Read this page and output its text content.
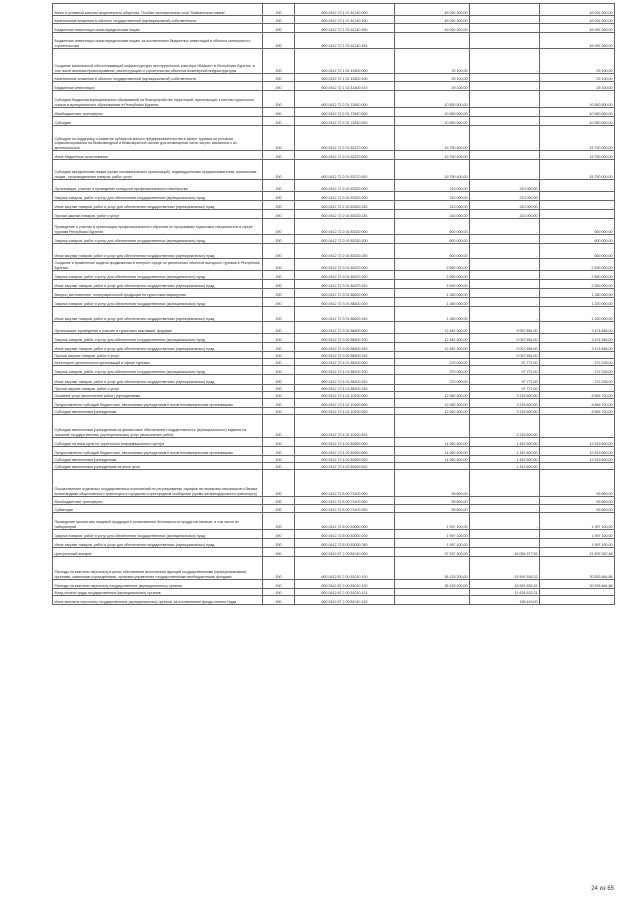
Взнос в уставный капитал акционерного общества "Особая экономическая зона "Байкальская гавань"	200	600 0412 72 1 01 61240 000	49 092 300,00	-	49 092 300,00
Капитальные вложения в объекты государственной (муниципальной) собственности	200	600 0412 72 1 01 61240 400	49 092 300,00	-	49 092 300,00
Бюджетные инвестиции иным юридическим лицам	200	600 0412 72 1 01 61240 450	49 092 300,00	-	49 092 300,00
Бюджетные инвестиции иным юридическим лицам, за исключением бюджетных инвестиций в объекты капитального строительства	200	600 0412 72 1 01 61240 452	-	-	49 092 300,00
Создание комплексной обеспечивающей инфраструктуры автотуристского кластера «Байкал» в Республике Бурятия, в том числе включая проектирование, реконструкцию и строительство объектов инженерной инфраструктуры	200	600 0412 72 1 02 43400 000	29 100,00	-	29 100,00
Капитальные вложения в объекты государственной (муниципальной) собственности	200	600 0412 72 1 02 43400 400	29 100,00	-	29 100,00
Бюджетные инвестиции	200	600 0412 72 1 02 43400 410	29 100,00	-	29 100,00
Субсидия бюджетам муниципальных образований на благоустройство территорий, прилегающих к местам туристского показа в муниципальных образованиях в Республике Бурятия	200	600 0412 72 2 01 72810 000	10 550 500,00	-	10 550 500,00
Межбюджетные трансферты	200	600 0412 72 2 01 72810 500	10 550 500,00	-	10 550 500,00
Субсидии	200	600 0412 72 2 01 72810 520	10 550 500,00	-	10 550 500,00
Субсидия на поддержку и развитие субъектов малого предпринимательства в сфере туризма на условиях софинансирования на безвозмездной и безвозвратной основе для возмещения части затрат, связанных с их деятельностью	200	600 0412 72 2 01 82270 000	19 750 400,00	-	15 750 000,00
Иные бюджетные ассигнования	200	600 0412 72 2 01 82270 800	19 750 400,00	-	19 750 000,00
Субсидии юридическим лицам (кроме некоммерческих организаций), индивидуальным предпринимателям, физическим лицам - производителям товаров, работ, услуг	200	600 0412 72 2 01 82270 810	19 790 400,00	-	15 750 000,00
Организация, участие и проведение конкурсов профессионального мастерства	200	600 0412 72 2 02 83320 000	210 000,00	210 000,00	-
Закупка товаров, работ и услуг для обеспечения государственных (муниципальных) нужд	200	600 0412 72 2 02 83320 200	210 000,00	210 000,00	-
Иные закупки товаров, работ и услуг для обеспечения государственных (муниципальных) нужд	200	600 0412 72 2 02 83320 240	210 000,00	210 000,00	-
Прочая закупка товаров, работ и услуг	200	600 0412 72 2 02 83320 244	210 000,00	210 000,00	-
Проведение и участие в организации профессионального обучения по программам подготовки специалистов в сфере туризма Республики Бурятия	200	600 0412 72 2 02 83330 000	600 000,00	-	600 000,00
Закупка товаров, работ и услуг для обеспечения государственных (муниципальных) нужд	200	600 0412 72 2 02 83330 200	600 000,00	-	600 000,00
Иные закупки товаров, работ и услуг для обеспечения государственных (муниципальных) нужд	200	600 0412 72 2 02 83330 240	600 000,00	-	600 000,00
Создание и применение модели продвижения в интернет-среде по увеличению объектов въездного туризма в Республике Бурятия	200	600 0412 72 3 01 82670 000	2 590 000,00	-	2 590 000,00
Закупка товаров, работ и услуг для обеспечения государственных (муниципальных) нужд	200	600 0412 72 3 01 82670 200	2 590 000,00	-	2 590 000,00
Иные закупки товаров, работ и услуг для обеспечения государственных (муниципальных) нужд	200	600 0412 72 3 01 82670 240	2 590 000,00	-	2 590 000,00
Выпуск (изготовление, полиграфической продукции по туристским маршрутам	200	600 0412 72 3 01 88200 000	1 280 000,00	-	1 280 000,00
Закупка товаров, работ и услуг для обеспечения государственных (муниципальных) нужд	200	600 0412 72 3 01 88200 200	1 280 000,00	-	1 200 000,00
Иные закупки товаров, работ и услуг для обеспечения государственных (муниципальных) нужд	200	600 0412 72 3 01 88200 240	1 280 000,00	-	1 200 000,00
Организация, проведение и участие в туристских выставках, форумах	200	600 0412 72 3 02 88400 000	12 482 300,00	9 067 854,00	3 474 646,00
Закупка товаров, работ и услуг для обеспечения государственных (муниципальных) нужд	200	600 0412 72 3 02 88400 200	12 482 300,00	9 067 654,00	3 474 646,00
Иные закупки товаров, работ и услуг для обеспечения государственных (муниципальных) нужд	200	600 0412 72 3 02 88400 240	12 482 300,00	9 007 654,00	3 474 646,00
Прочая закупка товаров, работ и услуг	200	600 0412 72 3 02 88400 244	-	9 067 654,00	-
Мониторинг деятельности организаций в сфере туризма	200	600 0412 72 4 01 88100 000	370 000,00	97 772,00	272 228,00
Закупка товаров, работ и услуг для обеспечения государственных (муниципальных) нужд	200	600 0412 72 4 01 88100 200	370 000,00	97 772,00	272 228,00
Иные закупки товаров, работ и услуг для обеспечения государственных (муниципальных) нужд	200	600 0412 72 4 01 88100 240	370 000,00	97 772,00	272 228,00
Прочая закупка товаров, работ и услуг	200	600 0412 72 4 01 88100 244	-	97 772,00	-
Оказание услуг (выполнение работ) учреждениями	200	600 0412 72 4 02 10100 000	12 082 300,00	3 215 600,00	8 846 700,00
Предоставление субсидий бюджетным, автономным учреждениям и иным некоммерческим организациям	200	600 0412 72 4 02 10100 600	12 082 300,00	3 215 600,00	8 846 700,00
Субсидии автономным учреждениям	200	600 0412 72 4 02 10100 620	12 062 300,00	3 215 600,00	8 846 700,00
Субсидии автономным учреждениям на финансовое обеспечение государственного (муниципального) задания на оказание государственных (муниципальных) услуг (выполнение работ)	200	600 0412 72 4 02 10100 621	-	3 215 600,00	-
Субсидии на иные цели по туристского информационного центра	200	600 0412 72 4 02 82690 000	14 062 400,00	1 442 600,00	12 619 800,00
Предоставление субсидий бюджетным, автономным учреждениям и иным некоммерческим организациям	200	600 0412 72 4 02 82690 600	14 062 400,00	1 442 600,00	12 619 800,00
Субсидии автономным учреждениям	200	600 0412 72 4 02 82690 620	14 062 400,00	1 442 600,00	12 619 800,00
Субсидии автономным учреждениям на иные цели	200	600 0412 72 4 02 82690 622	-	1 442 600,00	-
Осуществление отдельных государственных полномочий по регулированию тарифов на перевозки пассажиров и багажа всеми видами общественного транспорта в городском и пригородном сообщении (кроме железнодорожного транспорта)	200	600 0412 72 8 00 73100 000	59 800,00	-	59 800,00
Межбюджетные трансферты	200	600 0412 72 8 00 73100 500	59 800,00	-	59 800,00
Субвенции	200	600 0412 72 8 00 73100 530	59 800,00	-	59 800,00
Проведение экспертизы пищевой продукции и установление безопасности продуктов питания, в том числе из лабораторий	200	600 0412 72 8 00 83000 000	1 997 100,00	-	1 997 100,00
Закупка товаров, работ и услуг для обеспечения государственных (муниципальных) нужд	200	600 0412 72 8 00 83000 200	1 997 100,00	-	1 997 100,00
Иные закупки товаров, работ и услуг для обеспечения государственных (муниципальных) нужд	200	600 0412 72 8 00 83000 240	1 997 100,00	-	1 997 100,00
Центральный аппарат	200	600 0412 87 2 00 81010 000	37 537 300,00	16 094 377,52	21 592 922,48
Расходы на выплаты персоналу в целях обеспечения выполнения функций государственными (муниципальными) органами, казенными учреждениями, органами управления государственными внебюджетными фондами	200	600 0412 87 2 00 81010 100	36 125 200,00	15 591 535,32	20 533 664,68
Расходы на выплаты персоналу государственных (муниципальных) органов	200	600 0412 87 2 00 81010 120	36 125 200,00	15 591 535,32	20 533 664,68
Фонд оплаты труда государственных (муниципальных) органов	200	600 0412 87 2 00 81010 121	-	11 634 632,21	-
Иные выплаты персоналу государственных (муниципальных) органов, за исключением фонда оплаты труда	200	600 0412 87 2 00 81010 122	-	158 419,00	-
24 из 65
